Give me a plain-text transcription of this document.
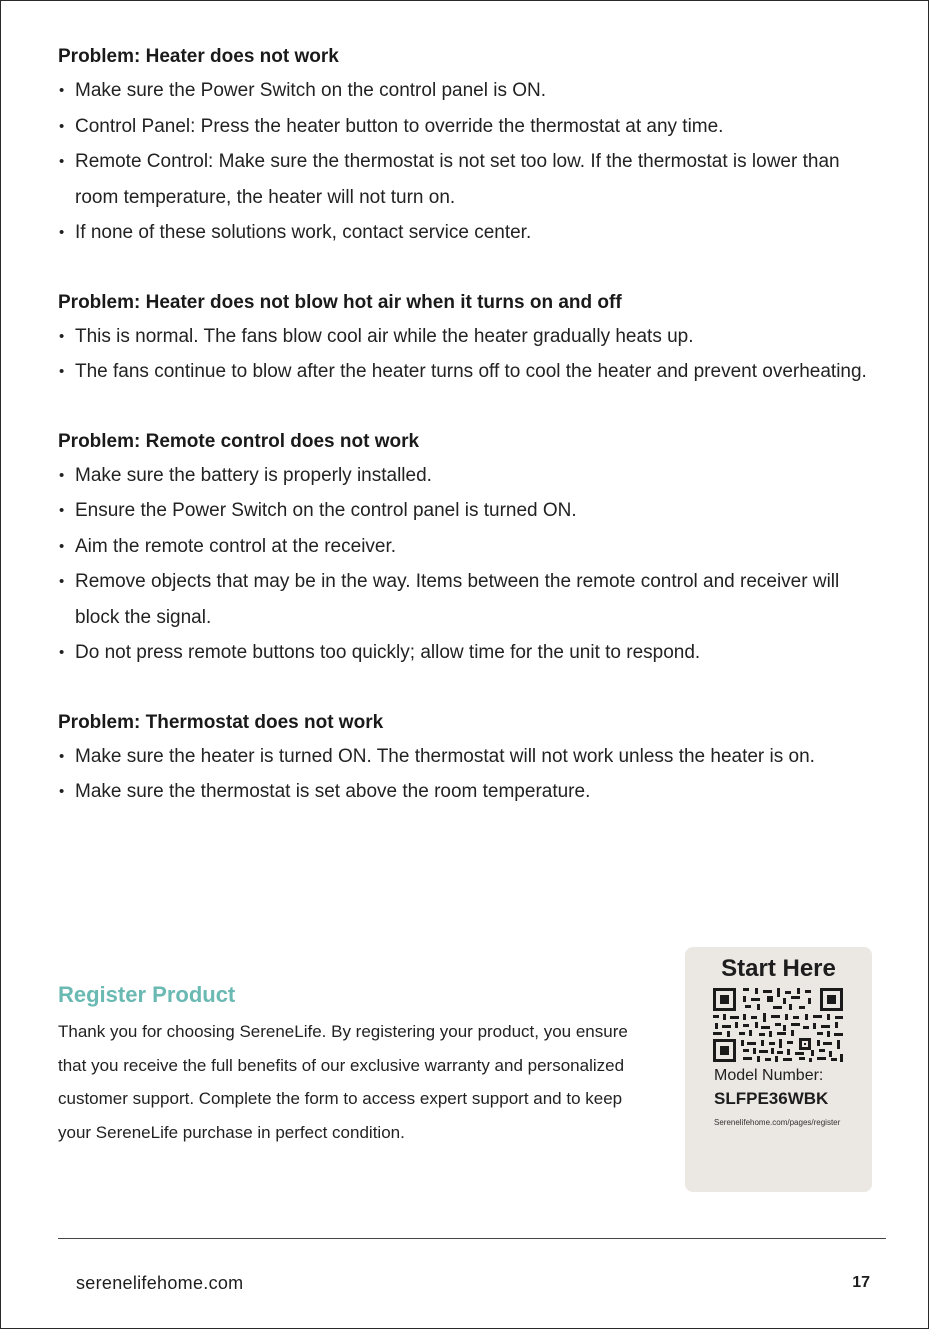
Problem: Heater does not work
• Make sure the Power Switch on the control panel is ON.
• Control Panel: Press the heater button to override the thermostat at any time.
• Remote Control: Make sure the thermostat is not set too low. If the thermostat is lower than room temperature, the heater will not turn on.
• If none of these solutions work, contact service center.
Problem: Heater does not blow hot air when it turns on and off
• This is normal. The fans blow cool air while the heater gradually heats up.
• The fans continue to blow after the heater turns off to cool the heater and prevent overheating.
Problem: Remote control does not work
• Make sure the battery is properly installed.
• Ensure the Power Switch on the control panel is turned ON.
• Aim the remote control at the receiver.
• Remove objects that may be in the way. Items between the remote control and receiver will block the signal.
• Do not press remote buttons too quickly; allow time for the unit to respond.
Problem: Thermostat does not work
• Make sure the heater is turned ON. The thermostat will not work unless the heater is on.
• Make sure the thermostat is set above the room temperature.
Register Product

Thank you for choosing SereneLife. By registering your product, you ensure that you receive the full benefits of our exclusive warranty and personalized customer support. Complete the form to access expert support and to keep your SereneLife purchase in perfect condition.

Start Here
Model Number:
SLFPE36WBK
Serenelifehome.com/pages/register
serenelifehome.com	17
